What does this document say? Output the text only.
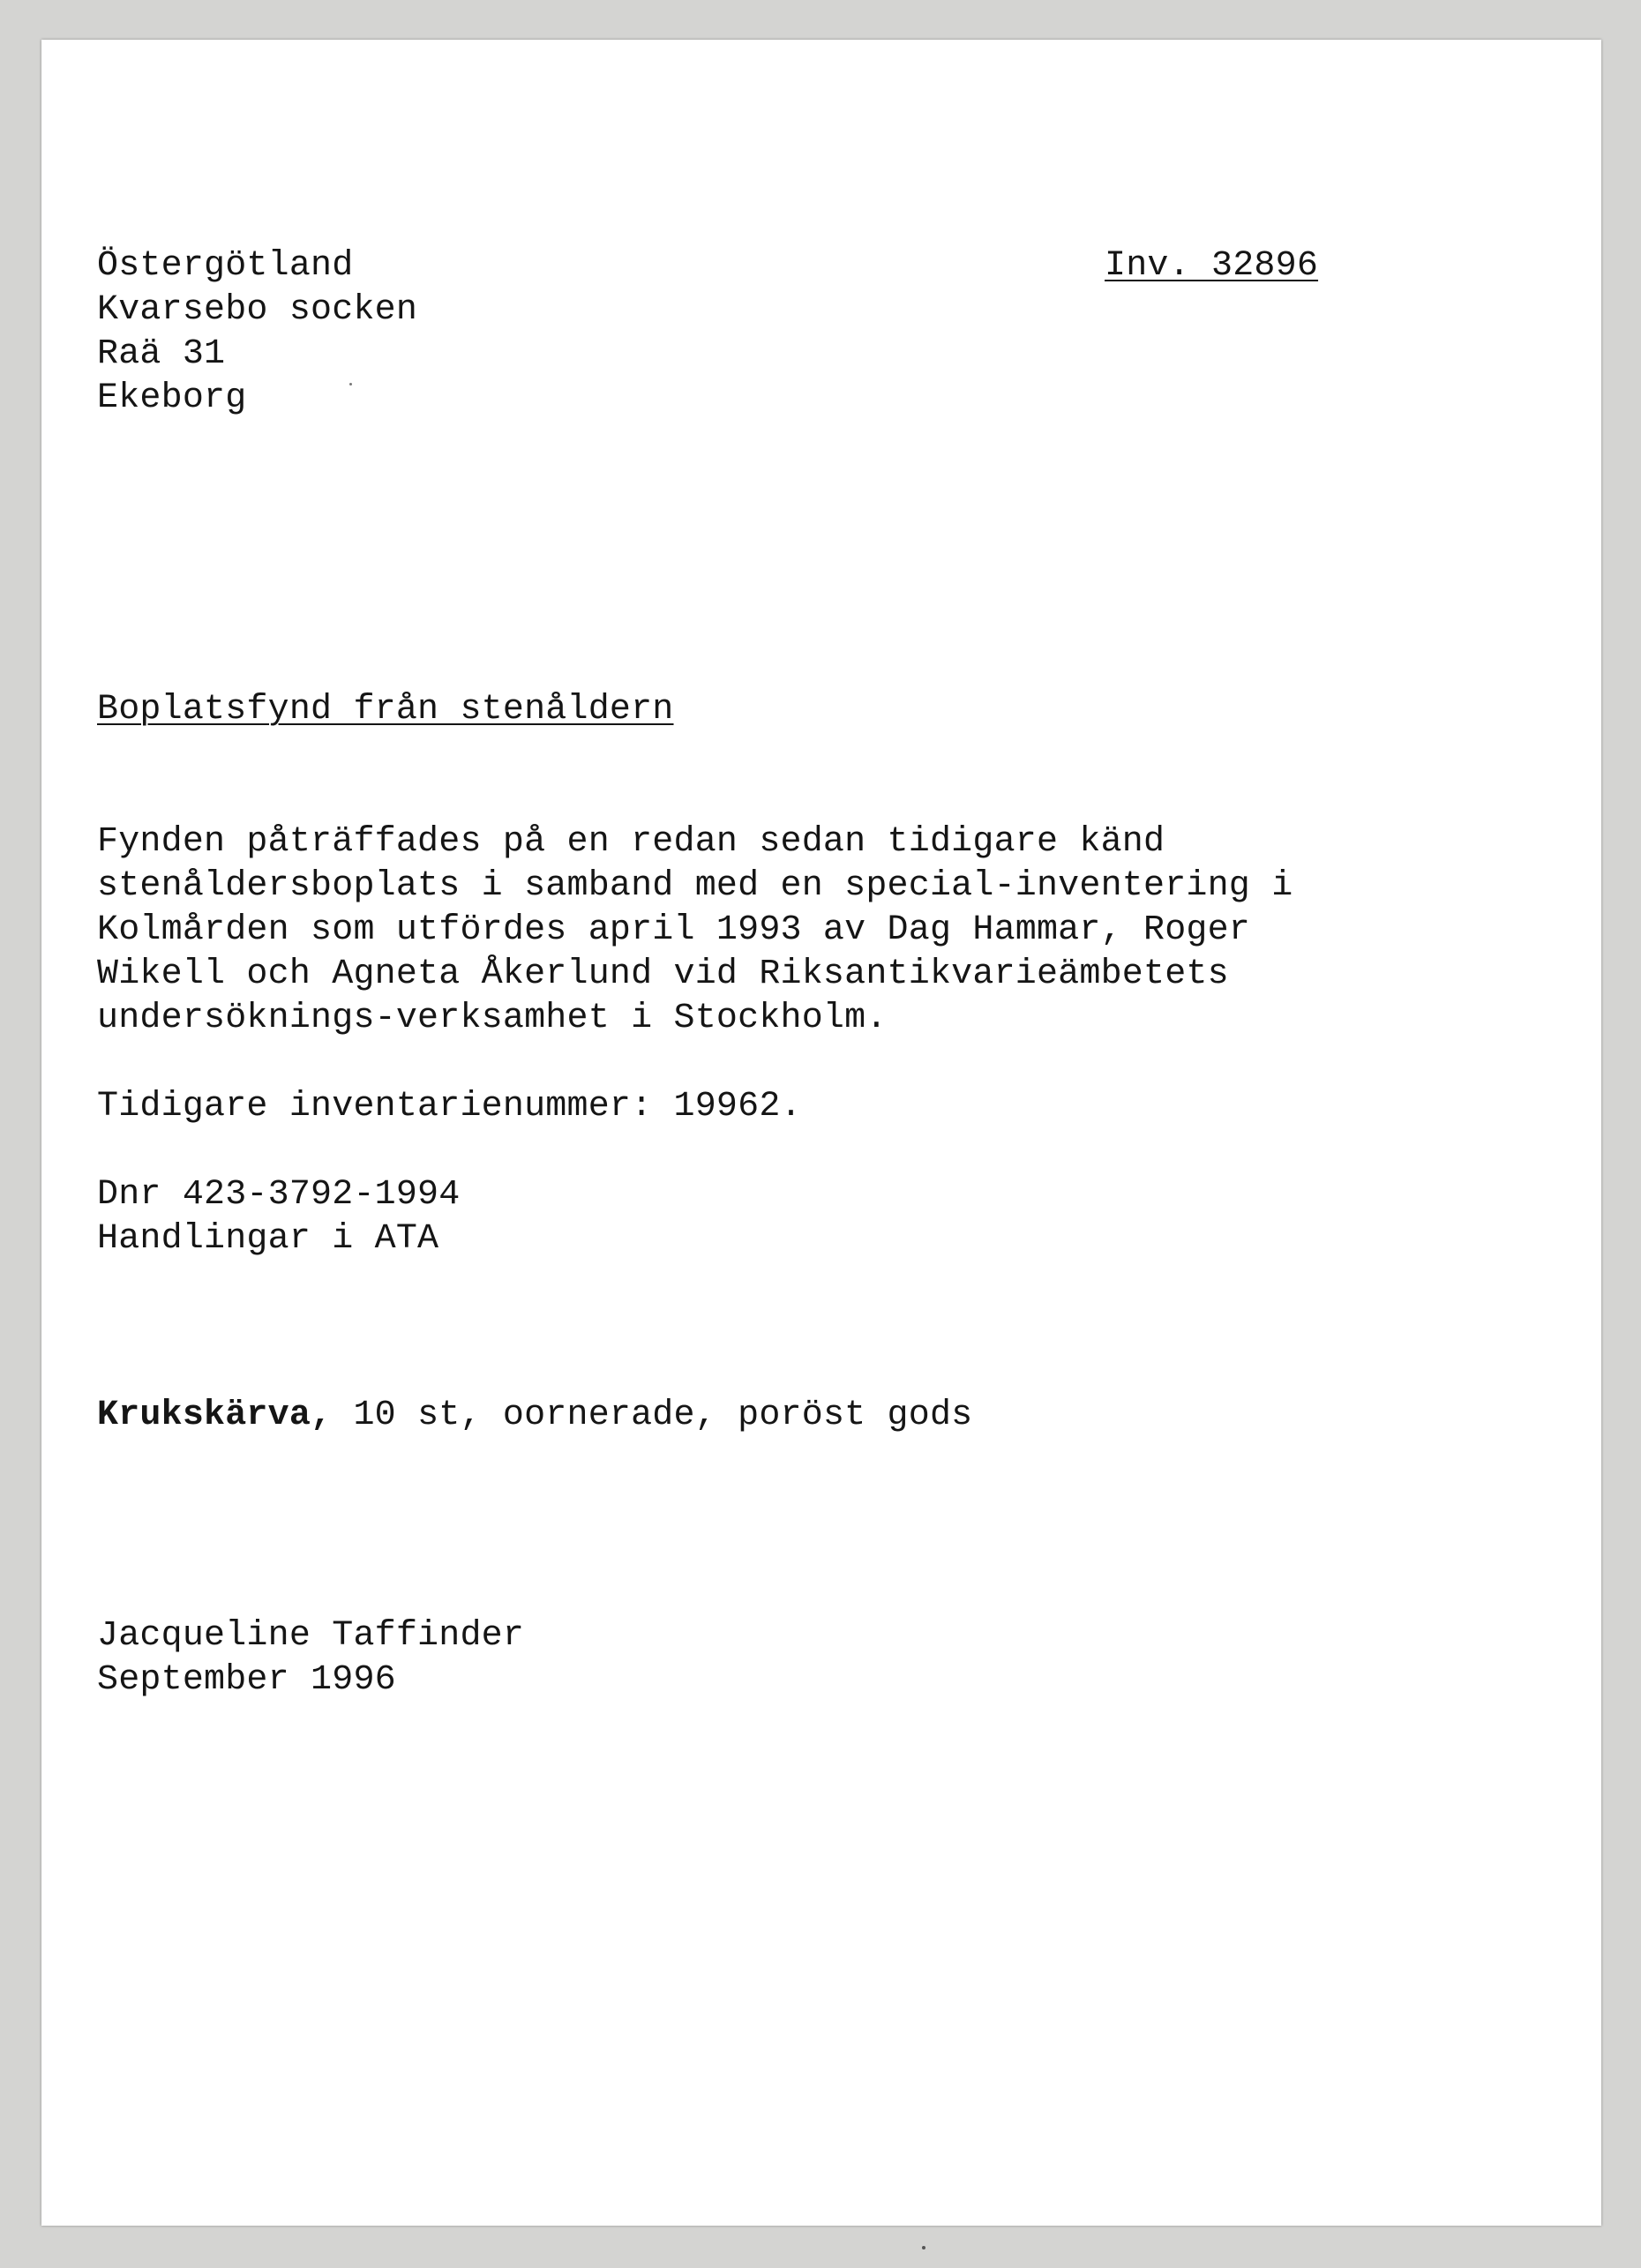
Östergötland	Inv. 32896
Kvarsebo socken
Raä 31
Ekeborg
Boplatsfynd från stenåldern
Fynden påträffades på en redan sedan tidigare känd
stenåldersboplats i samband med en special-inventering i
Kolmården som utfördes april 1993 av Dag Hammar, Roger
Wikell och Agneta Åkerlund vid Riksantikvarieämbetets
undersöknings-verksamhet i Stockholm.
Tidigare inventarienummer: 19962.
Dnr 423-3792-1994
Handlingar i ATA
Krukskärva, 10 st, oornerade, poröst gods
Jacqueline Taffinder
September 1996
